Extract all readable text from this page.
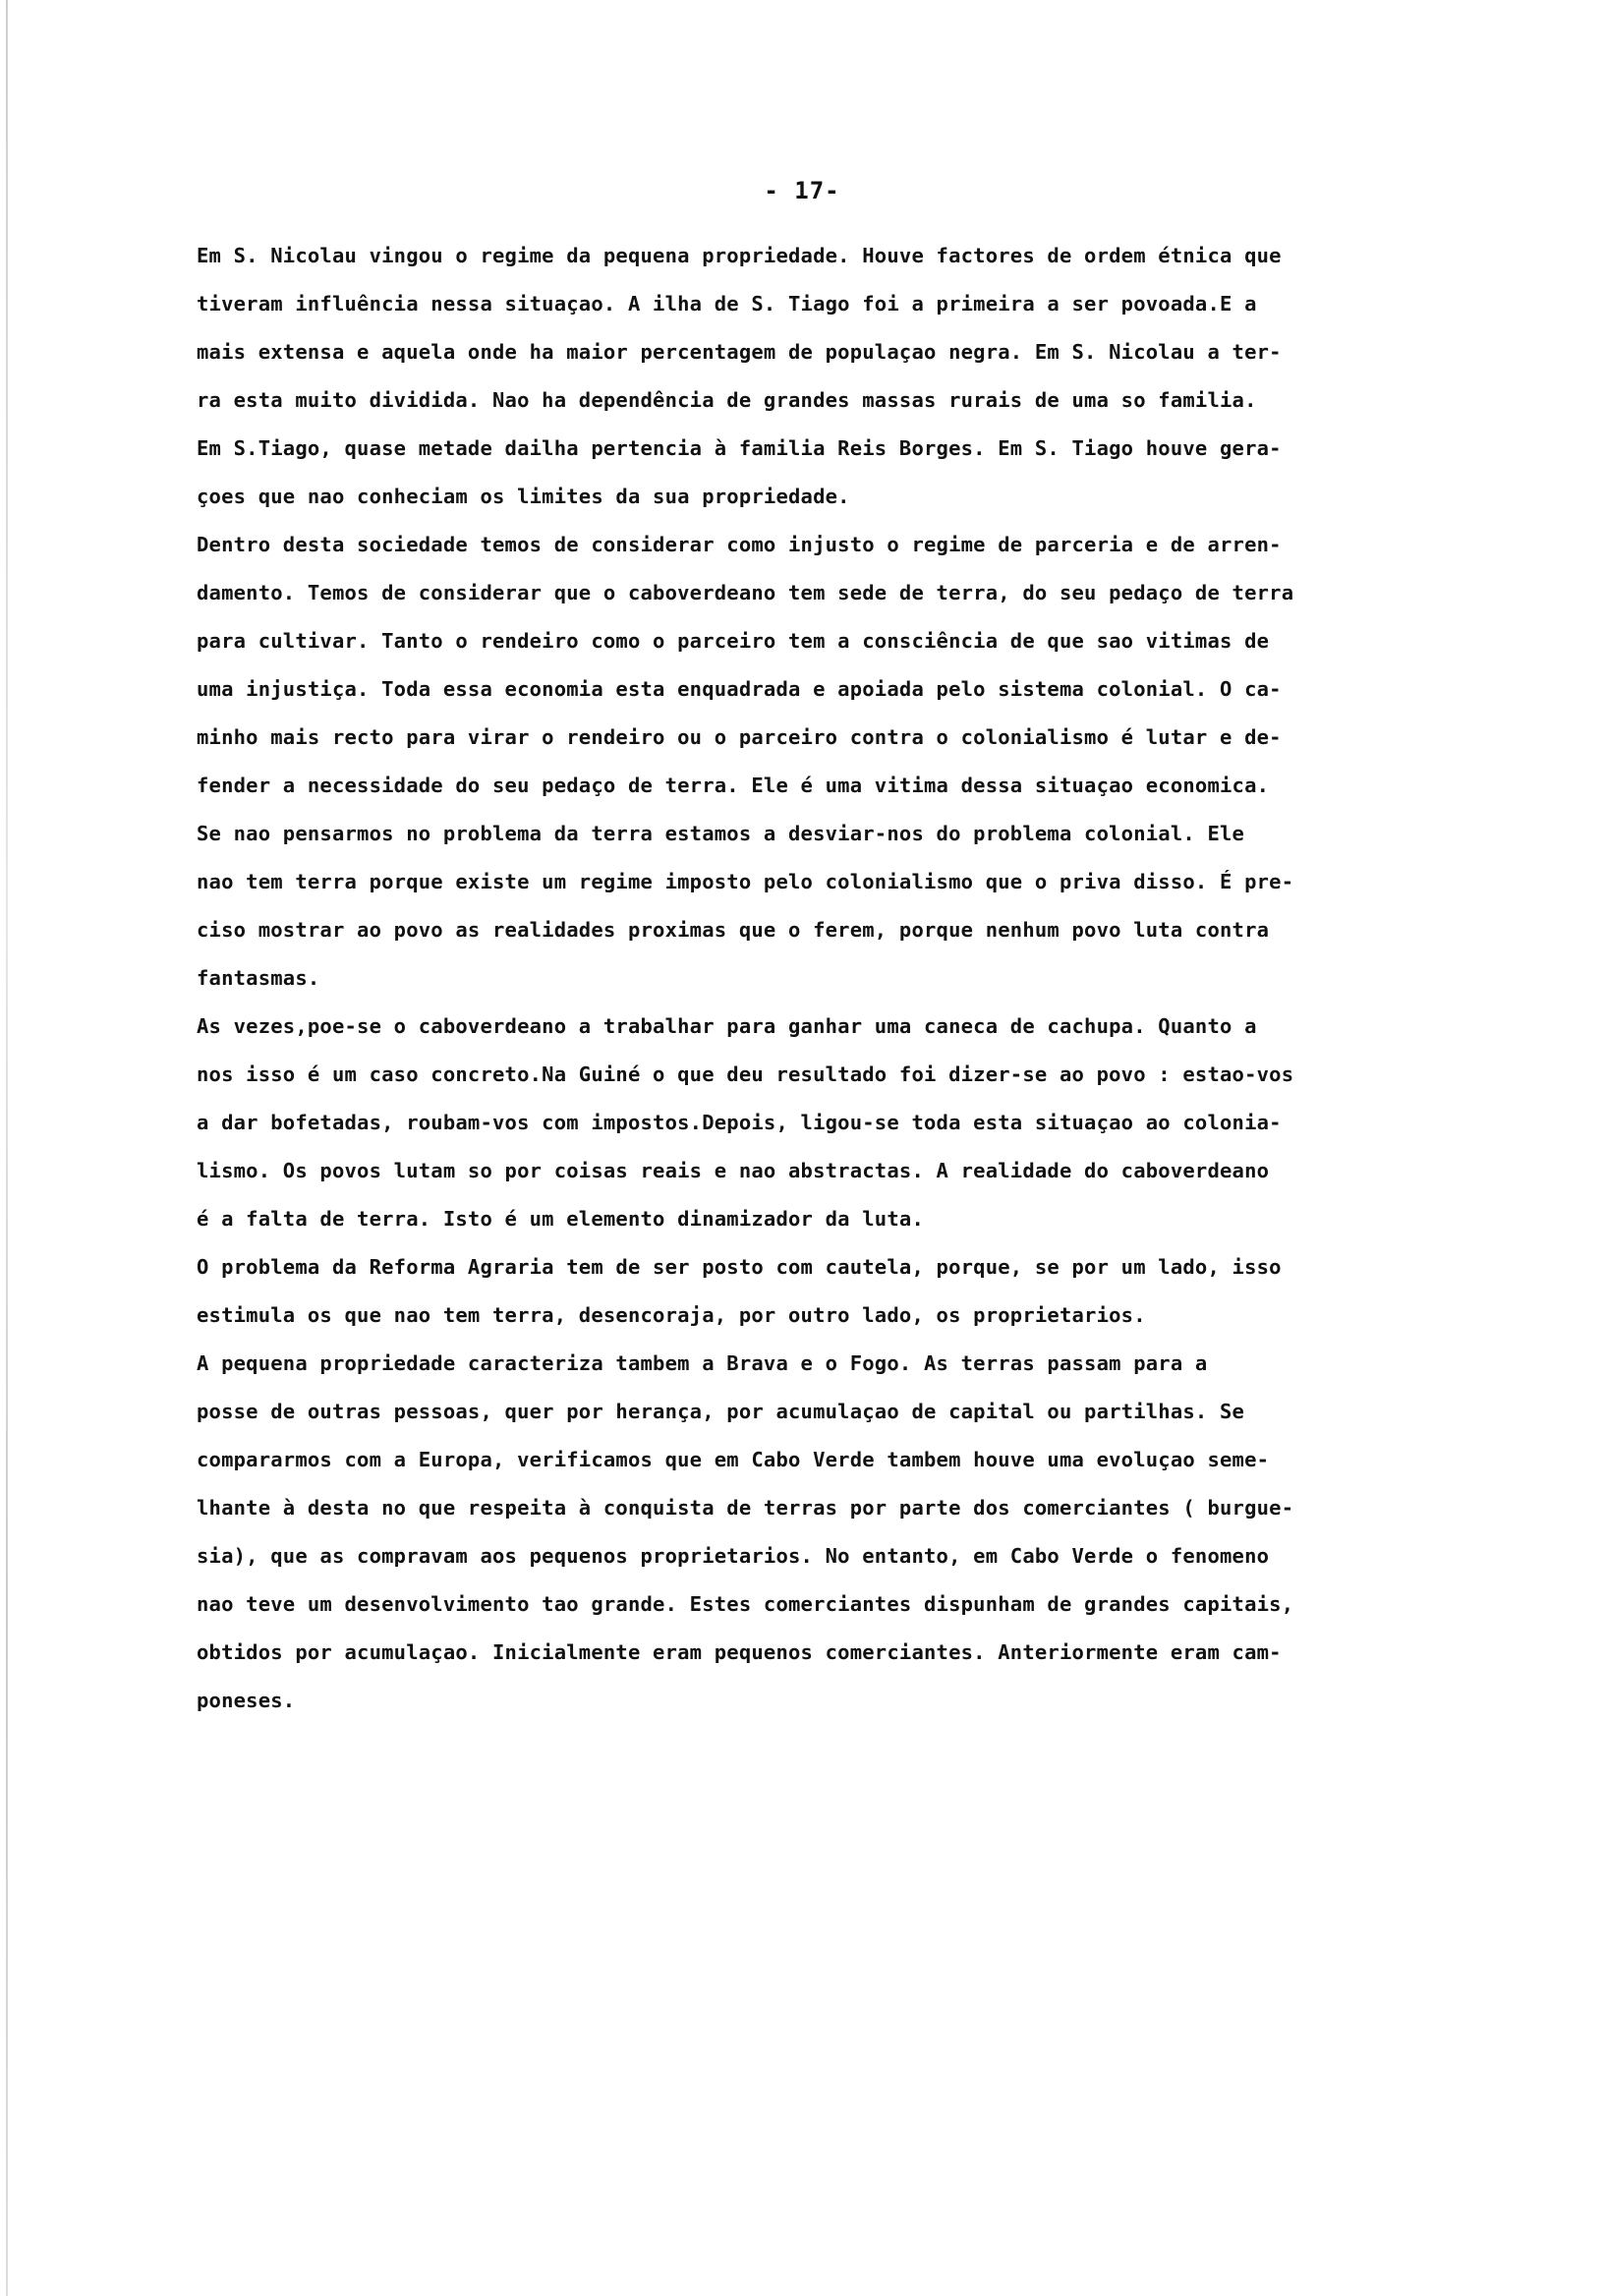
- 17-
Em S. Nicolau vingou o regime da pequena propriedade. Houve factores de ordem étnica que
tiveram influência nessa situaçao. A ilha de S. Tiago foi a primeira a ser povoada.E a
mais extensa e aquela onde ha maior percentagem de populaçao negra. Em S. Nicolau a ter-
ra esta muito dividida. Nao ha dependência de grandes massas rurais de uma so familia.
Em S.Tiago, quase metade dailha pertencia à familia Reis Borges. Em S. Tiago houve gera-
çoes que nao conheciam os limites da sua propriedade.
Dentro desta sociedade temos de considerar como injusto o regime de parceria e de arren-
damento. Temos de considerar que o caboverdeano tem sede de terra, do seu pedaço de terra
para cultivar. Tanto o rendeiro como o parceiro tem a consciência de que sao vitimas de
uma injustiça. Toda essa economia esta enquadrada e apoiada pelo sistema colonial. O ca-
minho mais recto para virar o rendeiro ou o parceiro contra o colonialismo é lutar e de-
fender a necessidade do seu pedaço de terra. Ele é uma vitima dessa situaçao economica.
Se nao pensarmos no problema da terra estamos a desviar-nos do problema colonial. Ele
nao tem terra porque existe um regime imposto pelo colonialismo que o priva disso. É pre-
ciso mostrar ao povo as realidades proximas que o ferem, porque nenhum povo luta contra
fantasmas.
As vezes,poe-se o caboverdeano a trabalhar para ganhar uma caneca de cachupa. Quanto a
nos isso é um caso concreto.Na Guiné o que deu resultado foi dizer-se ao povo : estao-vos
a dar bofetadas, roubam-vos com impostos.Depois, ligou-se toda esta situaçao ao colonia-
lismo. Os povos lutam so por coisas reais e nao abstractas. A realidade do caboverdeano
é a falta de terra. Isto é um elemento dinamizador da luta.
O problema da Reforma Agraria tem de ser posto com cautela, porque, se por um lado, isso
estimula os que nao tem terra, desencoraja, por outro lado, os proprietarios.
A pequena propriedade caracteriza tambem a Brava e o Fogo. As terras passam para a
posse de outras pessoas, quer por herança, por acumulaçao de capital ou partilhas. Se
compararmos com a Europa, verificamos que em Cabo Verde tambem houve uma evoluçao seme-
lhante à desta no que respeita à conquista de terras por parte dos comerciantes ( burgue-
sia), que as compravam aos pequenos proprietarios. No entanto, em Cabo Verde o fenomeno
nao teve um desenvolvimento tao grande. Estes comerciantes dispunham de grandes capitais,
obtidos por acumulaçao. Inicialmente eram pequenos comerciantes. Anteriormente eram cam-
poneses.
